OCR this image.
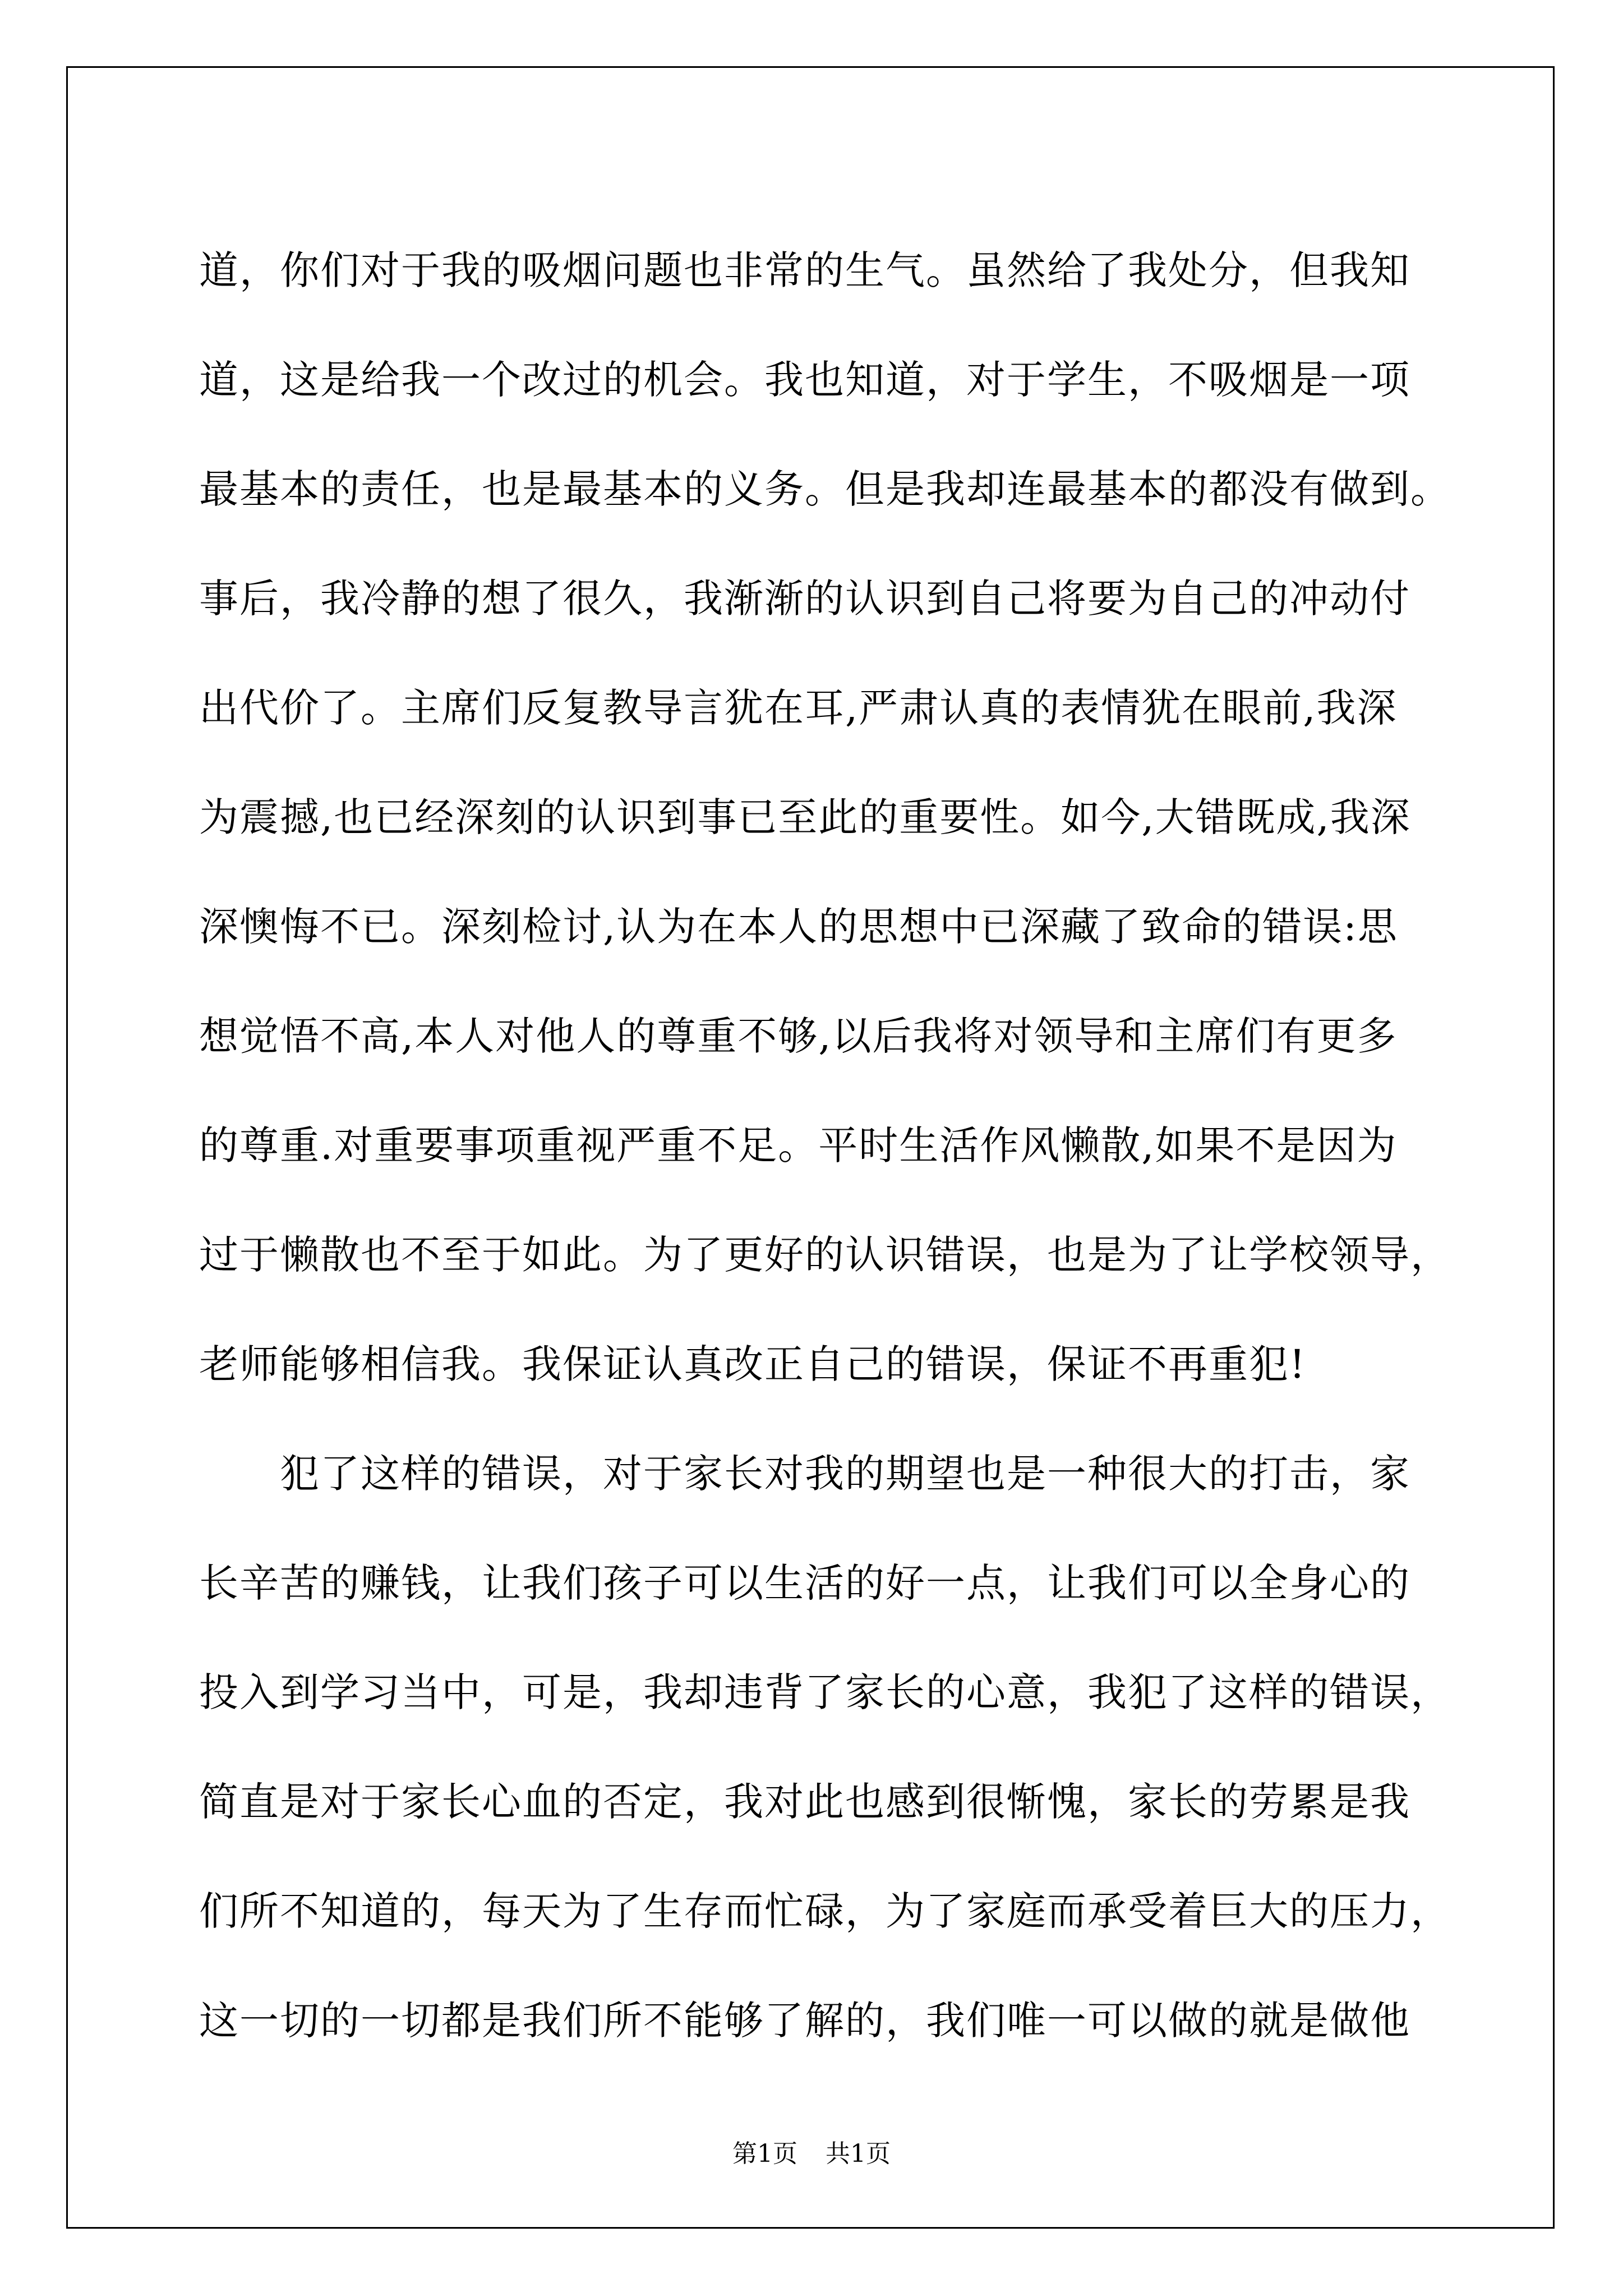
道，你们对于我的吸烟问题也非常的生气。虽然给了我处分，但我知
道，这是给我一个改过的机会。我也知道，对于学生，不吸烟是一项
最基本的责任，也是最基本的义务。但是我却连最基本的都没有做到。
事后，我冷静的想了很久，我渐渐的认识到自己将要为自己的冲动付
出代价了。主席们反复教导言犹在耳,严肃认真的表情犹在眼前,我深
为震撼,也已经深刻的认识到事已至此的重要性。如今,大错既成,我深
深懊悔不已。深刻检讨,认为在本人的思想中已深藏了致命的错误:思
想觉悟不高,本人对他人的尊重不够,以后我将对领导和主席们有更多
的尊重.对重要事项重视严重不足。平时生活作风懒散,如果不是因为
过于懒散也不至于如此。为了更好的认识错误，也是为了让学校领导，
老师能够相信我。我保证认真改正自己的错误，保证不再重犯!
犯了这样的错误，对于家长对我的期望也是一种很大的打击，家
长辛苦的赚钱，让我们孩子可以生活的好一点，让我们可以全身心的
投入到学习当中，可是，我却违背了家长的心意，我犯了这样的错误，
简直是对于家长心血的否定，我对此也感到很惭愧，家长的劳累是我
们所不知道的，每天为了生存而忙碌，为了家庭而承受着巨大的压力，
这一切的一切都是我们所不能够了解的，我们唯一可以做的就是做他
第1页 共1页
